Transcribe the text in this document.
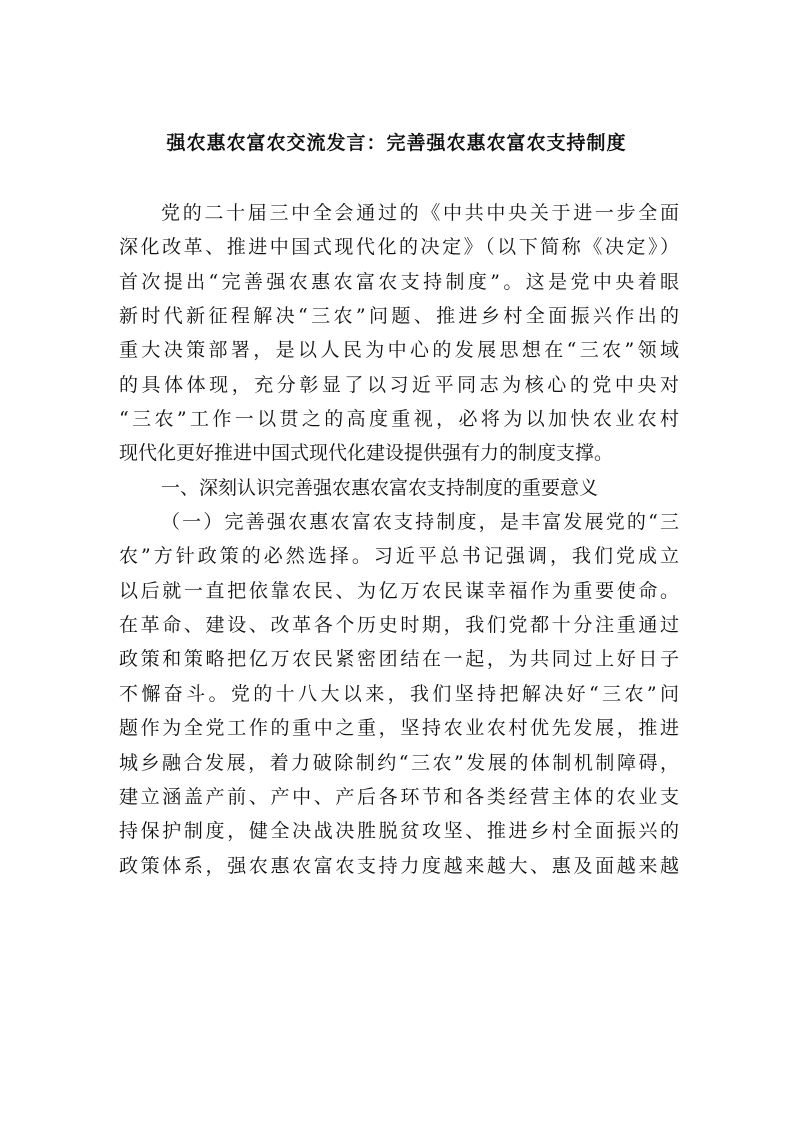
强农惠农富农交流发言：完善强农惠农富农支持制度
党的二十届三中全会通过的《中共中央关于进一步全面
深化改革、推进中国式现代化的决定》（以下简称《决定》）
首次提出“完善强农惠农富农支持制度”。这是党中央着眼
新时代新征程解决“三农”问题、推进乡村全面振兴作出的
重大决策部署，是以人民为中心的发展思想在“三农”领域
的具体体现，充分彰显了以习近平同志为核心的党中央对
“三农”工作一以贯之的高度重视，必将为以加快农业农村
现代化更好推进中国式现代化建设提供强有力的制度支撑。
一、深刻认识完善强农惠农富农支持制度的重要意义
（一）完善强农惠农富农支持制度，是丰富发展党的“三
农”方针政策的必然选择。习近平总书记强调，我们党成立
以后就一直把依靠农民、为亿万农民谋幸福作为重要使命。
在革命、建设、改革各个历史时期，我们党都十分注重通过
政策和策略把亿万农民紧密团结在一起，为共同过上好日子
不懈奋斗。党的十八大以来，我们坚持把解决好“三农”问
题作为全党工作的重中之重，坚持农业农村优先发展，推进
城乡融合发展，着力破除制约“三农”发展的体制机制障碍，
建立涵盖产前、产中、产后各环节和各类经营主体的农业支
持保护制度，健全决战决胜脱贫攻坚、推进乡村全面振兴的
政策体系，强农惠农富农支持力度越来越大、惠及面越来越
